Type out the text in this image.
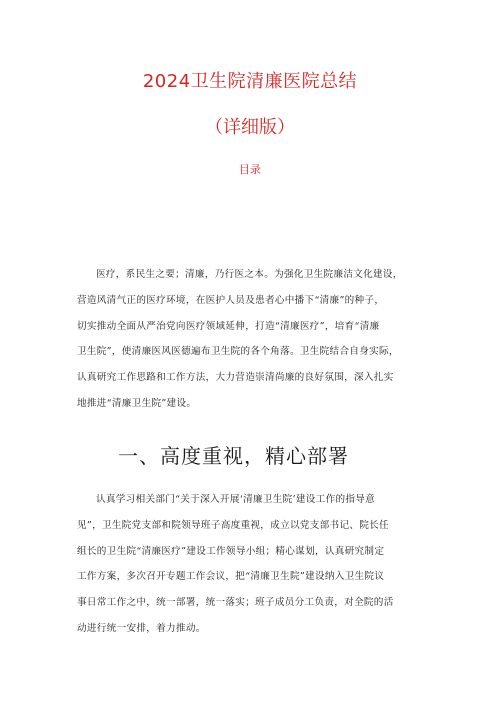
2024卫生院清廉医院总结
（详细版）
目录
医疗，系民生之要；清廉，乃行医之本。为强化卫生院廉洁文化建设，
营造风清气正的医疗环境，在医护人员及患者心中播下“清廉”的种子，
切实推动全面从严治党向医疗领域延伸，打造“清廉医疗”，培育“清廉
卫生院”，使清廉医风医德遍布卫生院的各个角落。卫生院结合自身实际，
认真研究工作思路和工作方法，大力营造崇清尚廉的良好氛围，深入扎实
地推进“清廉卫生院”建设。
一、高度重视，精心部署
认真学习相关部门“关于深入开展‘清廉卫生院’建设工作的指导意
见”，卫生院党支部和院领导班子高度重视，成立以党支部书记、院长任
组长的卫生院“清廉医疗”建设工作领导小组；精心谋划，认真研究制定
工作方案，多次召开专题工作会议，把“清廉卫生院”建设纳入卫生院议
事日常工作之中，统一部署，统一落实；班子成员分工负责，对全院的活
动进行统一安排，着力推动。
